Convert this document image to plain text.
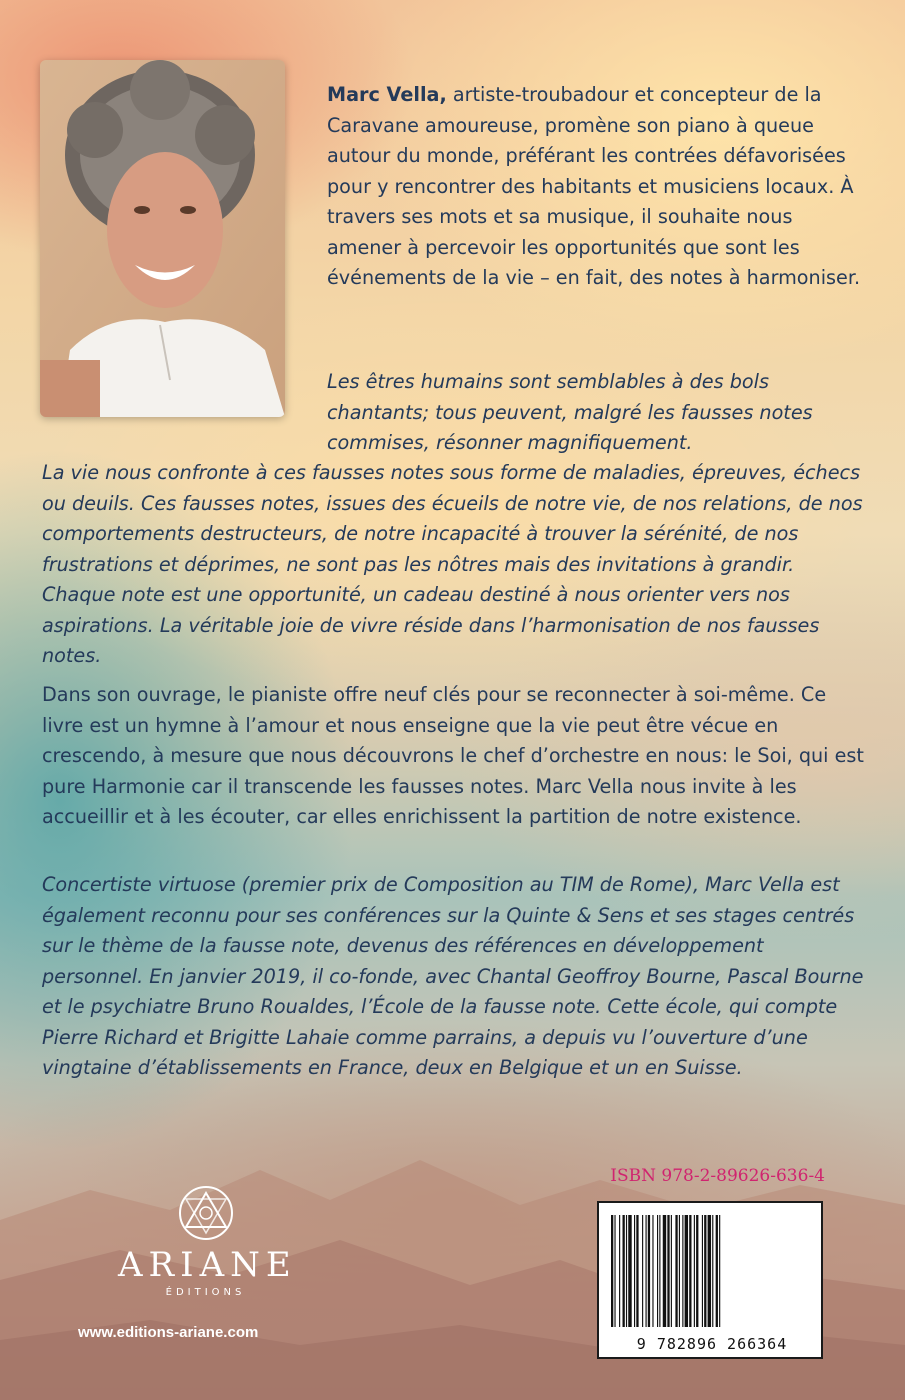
Marc Vella, artiste-troubadour et concepteur de la Caravane amoureuse, promène son piano à queue autour du monde, préférant les contrées défavorisées pour y rencontrer des habitants et musiciens locaux. À travers ses mots et sa musique, il souhaite nous amener à percevoir les opportunités que sont les événements de la vie – en fait, des notes à harmoniser.
Les êtres humains sont semblables à des bols chantants; tous peuvent, malgré les fausses notes commises, résonner magnifiquement.
La vie nous confronte à ces fausses notes sous forme de maladies, épreuves, échecs ou deuils. Ces fausses notes, issues des écueils de notre vie, de nos relations, de nos comportements destructeurs, de notre incapacité à trouver la sérénité, de nos frustrations et déprimes, ne sont pas les nôtres mais des invitations à grandir. Chaque note est une opportunité, un cadeau destiné à nous orienter vers nos aspirations. La véritable joie de vivre réside dans l’harmonisation de nos fausses notes.
Dans son ouvrage, le pianiste offre neuf clés pour se reconnecter à soi-même. Ce livre est un hymne à l’amour et nous enseigne que la vie peut être vécue en crescendo, à mesure que nous découvrons le chef d’orchestre en nous: le Soi, qui est pure Harmonie car il transcende les fausses notes. Marc Vella nous invite à les accueillir et à les écouter, car elles enrichissent la partition de notre existence.
Concertiste virtuose (premier prix de Composition au TIM de Rome), Marc Vella est également reconnu pour ses conférences sur la Quinte & Sens et ses stages centrés sur le thème de la fausse note, devenus des références en développement personnel. En janvier 2019, il co-fonde, avec Chantal Geoffroy Bourne, Pascal Bourne et le psychiatre Bruno Roualdes, l’École de la fausse note. Cette école, qui compte Pierre Richard et Brigitte Lahaie comme parrains, a depuis vu l’ouverture d’une vingtaine d’établissements en France, deux en Belgique et un en Suisse.
ISBN 978-2-89626-636-4
9 782896 266364
ARIANE
ÉDITIONS
www.editions-ariane.com
